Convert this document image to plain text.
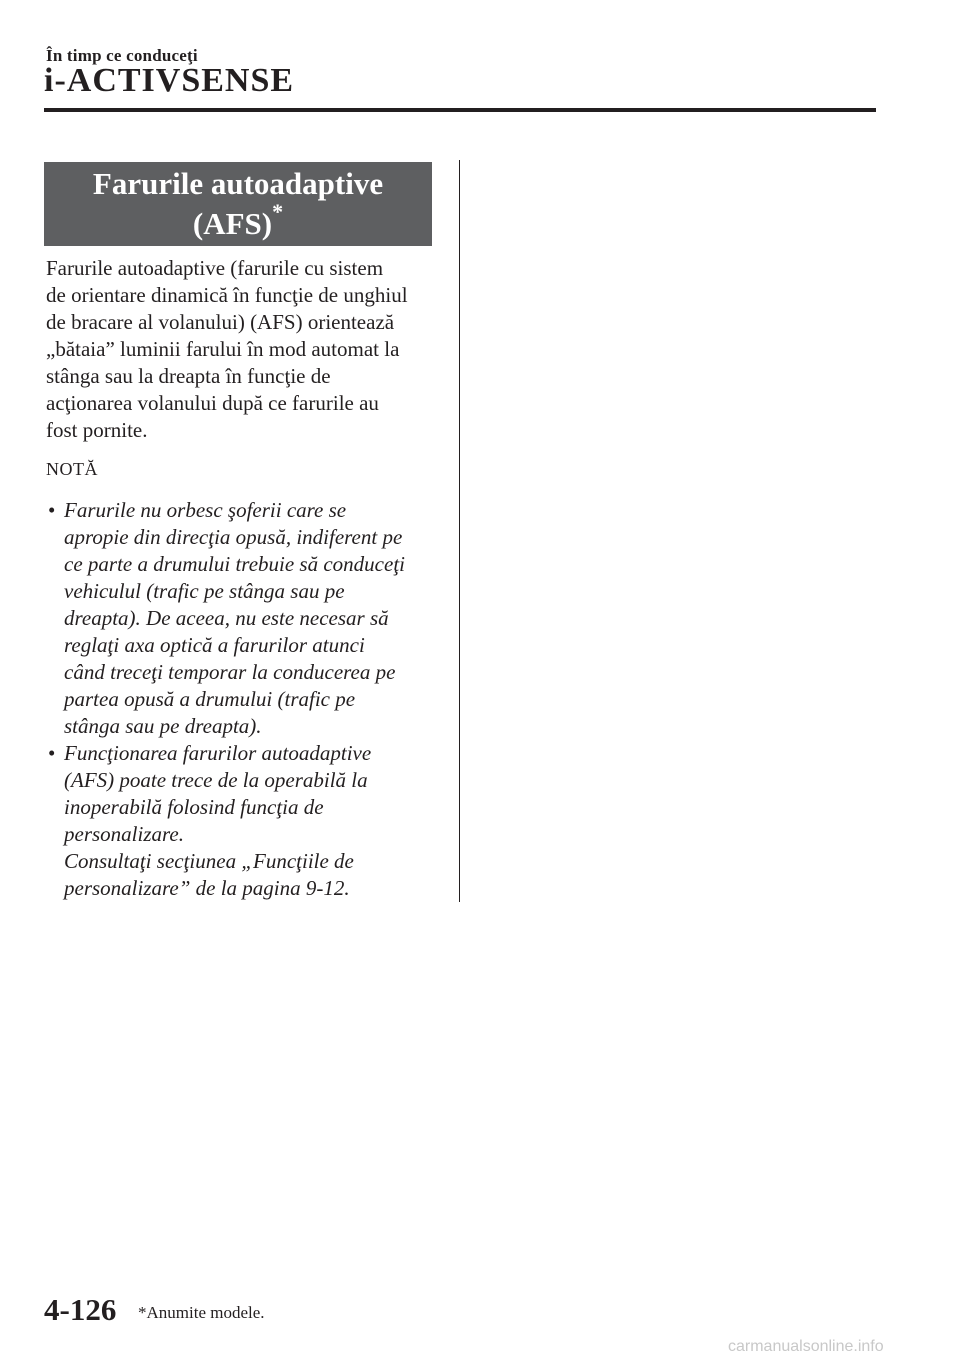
În timp ce conduceţi
i-ACTIVSENSE
Farurile autoadaptive
(AFS)*

Farurile autoadaptive (farurile cu sistem
de orientare dinamică în funcţie de unghiul
de bracare al volanului) (AFS) orientează
„bătaia” luminii farului în mod automat la
stânga sau la dreapta în funcţie de
acţionarea volanului după ce farurile au
fost pornite.

NOTĂ
• Farurile nu orbesc şoferii care se
apropie din direcţia opusă, indiferent pe
ce parte a drumului trebuie să conduceţi
vehiculul (trafic pe stânga sau pe
dreapta). De aceea, nu este necesar să
reglaţi axa optică a farurilor atunci
când treceţi temporar la conducerea pe
partea opusă a drumului (trafic pe
stânga sau pe dreapta).
• Funcţionarea farurilor autoadaptive
(AFS) poate trece de la operabilă la
inoperabilă folosind funcţia de
personalizare.
Consultaţi secţiunea „Funcţiile de
personalizare” de la pagina 9-12.
4-126 *Anumite modele.
carmanualsonline.info
